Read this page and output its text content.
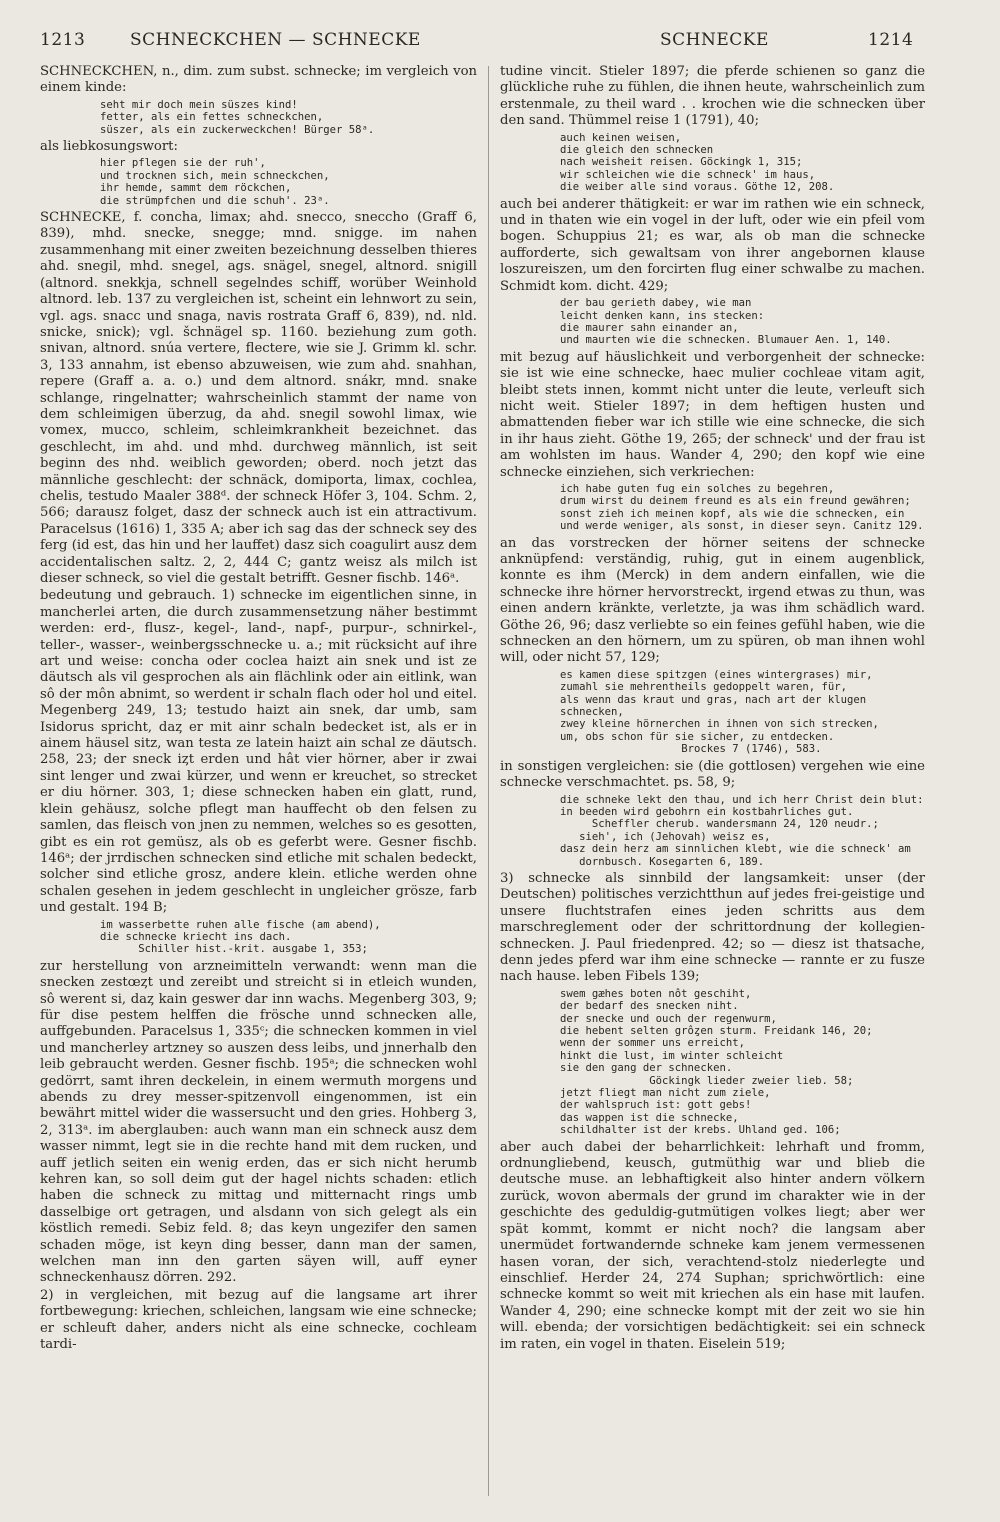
1213	SCHNECKCHEN — SCHNECKE	SCHNECKE	1214

SCHNECKCHEN, n., dim. zum subst. schnecke; im vergleich von einem kinde:

seht mir doch mein süszes kind!
fetter, als ein fettes schneckchen,
süszer, als ein zuckerweckchen! Bürger 58ᵃ.

als liebkosungswort:

hier pflegen sie der ruh',
und trocknen sich, mein schneckchen,
ihr hemde, sammt dem röckchen,
die strümpfchen und die schuh'. 23ᵃ.

SCHNECKE, f. concha, limax; ahd. snecco, sneccho (Graff 6, 839), mhd. snecke, snegge; mnd. snigge. im nahen zusammenhang mit einer zweiten bezeichnung desselben thieres ahd. snegil, mhd. snegel, ags. snägel, snegel, altnord. snigill (altnord. snekkja, schnell segelndes schiff, worüber Weinhold altnord. leb. 137 zu vergleichen ist, scheint ein lehnwort zu sein, vgl. ags. snacc und snaga, navis rostrata Graff 6, 839), nd. nld. snicke, snick); vgl. šchnägel sp. 1160. beziehung zum goth. snivan, altnord. snúa vertere, flectere, wie sie J. Grimm kl. schr. 3, 133 annahm, ist ebenso abzuweisen, wie zum ahd. snahhan, repere (Graff a. a. o.) und dem altnord. snákr, mnd. snake schlange, ringelnatter; wahrscheinlich stammt der name von dem schleimigen überzug, da ahd. snegil sowohl limax, wie vomex, mucco, schleim, schleimkrankheit bezeichnet. das geschlecht, im ahd. und mhd. durchweg männlich, ist seit beginn des nhd. weiblich geworden; oberd. noch jetzt das männliche geschlecht: der schnäck, domiporta, limax, cochlea, chelis, testudo Maaler 388ᵈ. der schneck Höfer 3, 104. Schm. 2, 566; darausz folget, dasz der schneck auch ist ein attractivum. Paracelsus (1616) 1, 335 A; aber ich sag das der schneck sey des ferg (id est, das hin und her lauffet) dasz sich coagulirt ausz dem accidentalischen saltz. 2, 2, 444 C; gantz weisz als milch ist dieser schneck, so viel die gestalt betrifft. Gesner fischb. 146ᵃ.

bedeutung und gebrauch. 1) schnecke im eigentlichen sinne, in mancherlei arten, die durch zusammensetzung näher bestimmt werden: erd-, flusz-, kegel-, land-, napf-, purpur-, schnirkel-, teller-, wasser-, weinbergsschnecke u. a.; mit rücksicht auf ihre art und weise: concha oder coclea haizt ain snek und ist ze däutsch als vil gesprochen als ain flächlink oder ain eitlink, wan sô der môn abnimt, so werdent ir schaln flach oder hol und eitel. Megenberg 249, 13; testudo haizt ain snek, dar umb, sam Isidorus spricht, daȥ er mit ainr schaln bedecket ist, als er in ainem häusel sitz, wan testa ze latein haizt ain schal ze däutsch. 258, 23; der sneck iȥt erden und hât vier hörner, aber ir zwai sint lenger und zwai kürzer, und wenn er kreuchet, so strecket er diu hörner. 303, 1; diese schnecken haben ein glatt, rund, klein gehäusz, solche pflegt man hauffecht ob den felsen zu samlen, das fleisch von jnen zu nemmen, welches so es gesotten, gibt es ein rot gemüsz, als ob es geferbt were. Gesner fischb. 146ᵃ; der jrrdischen schnecken sind etliche mit schalen bedeckt, solcher sind etliche grosz, andere klein. etliche werden ohne schalen gesehen in jedem geschlecht in ungleicher grösze, farb und gestalt. 194 B;

im wasserbette ruhen alle fische (am abend),
die schnecke kriecht ins dach.
Schiller hist.-krit. ausgabe 1, 353;

zur herstellung von arzneimitteln verwandt: wenn man die snecken zestœȥt und zereibt und streicht si in etleich wunden, sô werent si, daȥ kain geswer dar inn wachs. Megenberg 303, 9; für dise pestem helffen die frösche unnd schnecken alle, auffgebunden. Paracelsus 1, 335ᶜ; die schnecken kommen in viel und mancherley artzney so auszen dess leibs, und jnnerhalb den leib gebraucht werden. Gesner fischb. 195ᵃ; die schnecken wohl gedörrt, samt ihren deckelein, in einem wermuth morgens und abends zu drey messer-spitzenvoll eingenommen, ist ein bewährt mittel wider die wassersucht und den gries. Hohberg 3, 2, 313ᵃ. im aberglauben: auch wann man ein schneck ausz dem wasser nimmt, legt sie in die rechte hand mit dem rucken, und auff jetlich seiten ein wenig erden, das er sich nicht herumb kehren kan, so soll deim gut der hagel nichts schaden: etlich haben die schneck zu mittag und mitternacht rings umb dasselbige ort getragen, und alsdann von sich gelegt als ein köstlich remedi. Sebiz feld. 8; das keyn ungezifer den samen schaden möge, ist keyn ding besser, dann man der samen, welchen man inn den garten säyen will, auff eyner schneckenhausz dörren. 292.

2) in vergleichen, mit bezug auf die langsame art ihrer fortbewegung: kriechen, schleichen, langsam wie eine schnecke; er schleuft daher, anders nicht als eine schnecke, cochleam tardi-

tudine vincit. Stieler 1897; die pferde schienen so ganz die glückliche ruhe zu fühlen, die ihnen heute, wahrscheinlich zum erstenmale, zu theil ward . . krochen wie die schnecken über den sand. Thümmel reise 1 (1791), 40;

auch keinen weisen,
die gleich den schnecken
nach weisheit reisen. Göckingk 1, 315;
wir schleichen wie die schneck' im haus,
die weiber alle sind voraus. Göthe 12, 208.

auch bei anderer thätigkeit: er war im rathen wie ein schneck, und in thaten wie ein vogel in der luft, oder wie ein pfeil vom bogen. Schuppius 21; es war, als ob man die schnecke aufforderte, sich gewaltsam von ihrer angebornen klause loszureiszen, um den forcirten flug einer schwalbe zu machen. Schmidt kom. dicht. 429;

der bau gerieth dabey, wie man
leicht denken kann, ins stecken:
die maurer sahn einander an,
und maurten wie die schnecken. Blumauer Aen. 1, 140.

mit bezug auf häuslichkeit und verborgenheit der schnecke: sie ist wie eine schnecke, haec mulier cochleae vitam agit, bleibt stets innen, kommt nicht unter die leute, verleuft sich nicht weit. Stieler 1897; in dem heftigen husten und abmattenden fieber war ich stille wie eine schnecke, die sich in ihr haus zieht. Göthe 19, 265; der schneck' und der frau ist am wohlsten im haus. Wander 4, 290; den kopf wie eine schnecke einziehen, sich verkriechen:

ich habe guten fug ein solches zu begehren,
drum wirst du deinem freund es als ein freund gewähren;
sonst zieh ich meinen kopf, als wie die schnecken, ein
und werde weniger, als sonst, in dieser seyn. Canitz 129.

an das vorstrecken der hörner seitens der schnecke anknüpfend: verständig, ruhig, gut in einem augenblick, konnte es ihm (Merck) in dem andern einfallen, wie die schnecke ihre hörner hervorstreckt, irgend etwas zu thun, was einen andern kränkte, verletzte, ja was ihm schädlich ward. Göthe 26, 96; dasz verliebte so ein feines gefühl haben, wie die schnecken an den hörnern, um zu spüren, ob man ihnen wohl will, oder nicht 57, 129;

es kamen diese spitzgen (eines wintergrases) mir,
zumahl sie mehrentheils gedoppelt waren, für,
als wenn das kraut und gras, nach art der klugen schnecken,
zwey kleine hörnerchen in ihnen von sich strecken,
um, obs schon für sie sicher, zu entdecken.
Brockes 7 (1746), 583.

in sonstigen vergleichen: sie (die gottlosen) vergehen wie eine schnecke verschmachtet. ps. 58, 9;

die schneke lekt den thau, und ich herr Christ dein blut:
in beeden wird gebohrn ein kostbahrliches gut.
Scheffler cherub. wandersmann 24, 120 neudr.;
sieh', ich (Jehovah) weisz es,
dasz dein herz am sinnlichen klebt, wie die schneck' am
dornbusch. Kosegarten 6, 189.

3) schnecke als sinnbild der langsamkeit: unser (der Deutschen) politisches verzichtthun auf jedes frei-geistige und unsere fluchtstrafen eines jeden schritts aus dem marschreglement oder der schrittordnung der kollegien-schnecken. J. Paul friedenpred. 42; so — diesz ist thatsache, denn jedes pferd war ihm eine schnecke — rannte er zu fusze nach hause. leben Fibels 139;

swem gæhes boten nôt geschiht,
der bedarf des snecken niht.
der snecke und ouch der regenwurm,
die hebent selten grôȥen sturm. Freidank 146, 20;
wenn der sommer uns erreicht,
hinkt die lust, im winter schleicht
sie den gang der schnecken.
Göckingk lieder zweier lieb. 58;
jetzt fliegt man nicht zum ziele,
der wahlspruch ist: gott gebs!
das wappen ist die schnecke,
schildhalter ist der krebs. Uhland ged. 106;

aber auch dabei der beharrlichkeit: lehrhaft und fromm, ordnungliebend, keusch, gutmüthig war und blieb die deutsche muse. an lebhaftigkeit also hinter andern völkern zurück, wovon abermals der grund im charakter wie in der geschichte des geduldig-gutmütigen volkes liegt; aber wer spät kommt, kommt er nicht noch? die langsam aber unermüdet fortwandernde schneke kam jenem vermessenen hasen voran, der sich, verachtend-stolz niederlegte und einschlief. Herder 24, 274 Suphan; sprichwörtlich: eine schnecke kommt so weit mit kriechen als ein hase mit laufen. Wander 4, 290; eine schnecke kompt mit der zeit wo sie hin will. ebenda; der vorsichtigen bedächtigkeit: sei ein schneck im raten, ein vogel in thaten. Eiselein 519;
